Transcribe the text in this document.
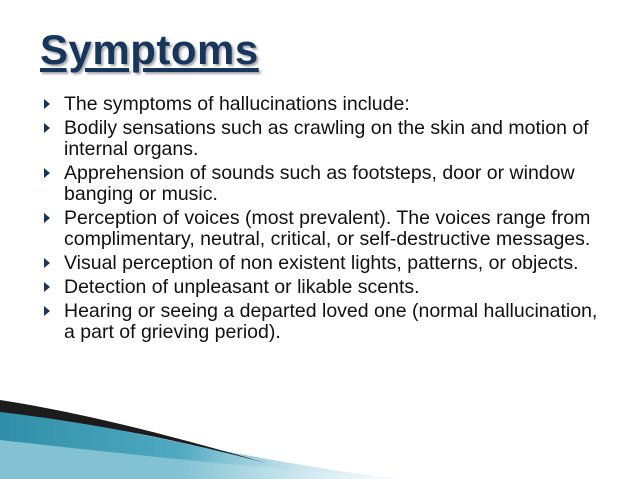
Symptoms
The symptoms of hallucinations include:
Bodily sensations such as crawling on the skin and motion of internal organs.
Apprehension of sounds such as footsteps, door or window banging or music.
Perception of voices (most prevalent). The voices range from complimentary, neutral, critical, or self-destructive messages.
Visual perception of non existent lights, patterns, or objects.
Detection of unpleasant or likable scents.
Hearing or seeing a departed loved one (normal hallucination, a part of grieving period).
